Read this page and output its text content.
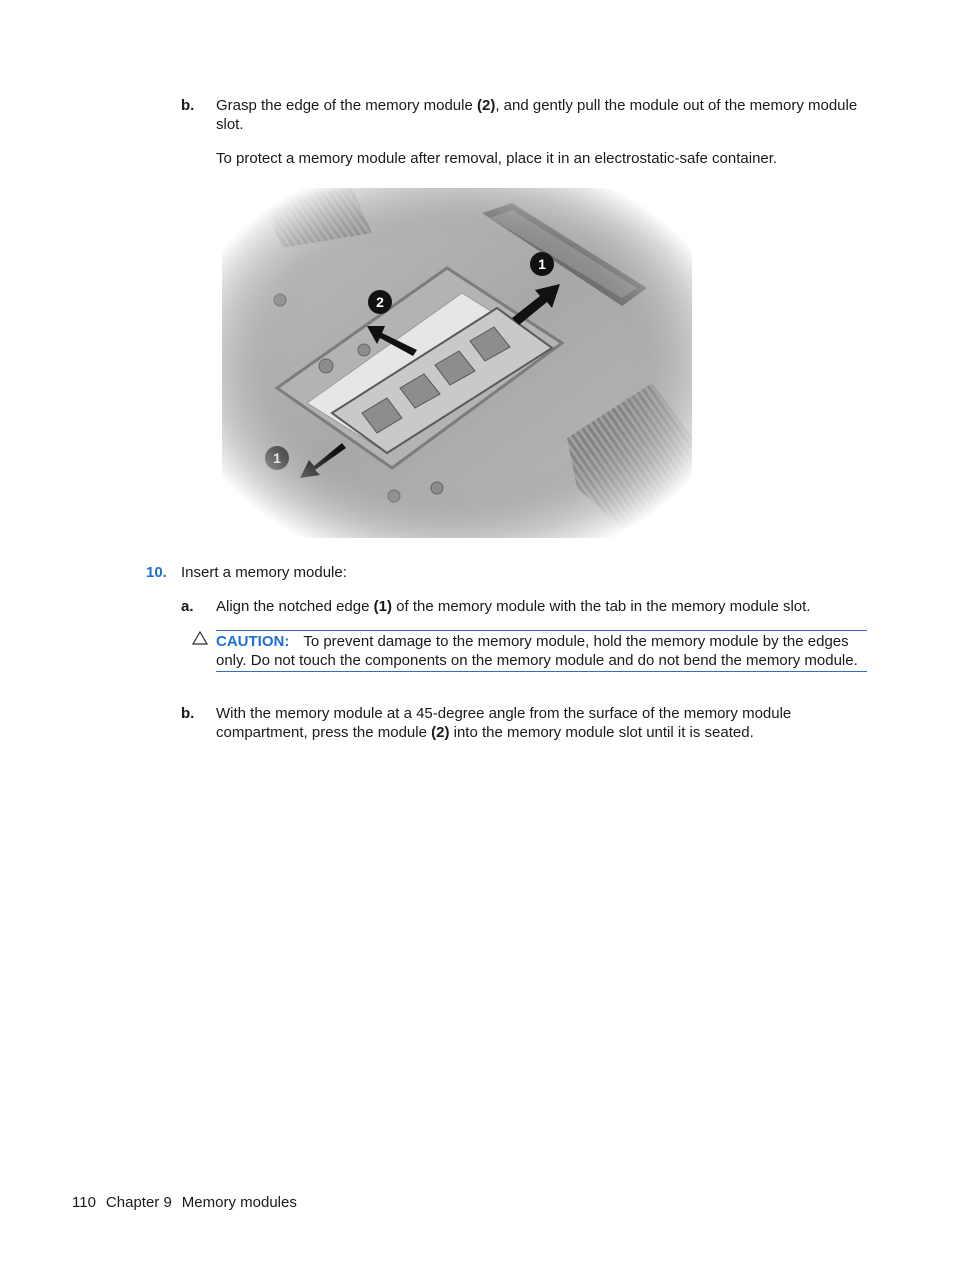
b. Grasp the edge of the memory module (2), and gently pull the module out of the memory module slot.
To protect a memory module after removal, place it in an electrostatic-safe container.
10. Insert a memory module:
a. Align the notched edge (1) of the memory module with the tab in the memory module slot.
CAUTION: To prevent damage to the memory module, hold the memory module by the edges only. Do not touch the components on the memory module and do not bend the memory module.
b. With the memory module at a 45-degree angle from the surface of the memory module compartment, press the module (2) into the memory module slot until it is seated.
110 Chapter 9 Memory modules
